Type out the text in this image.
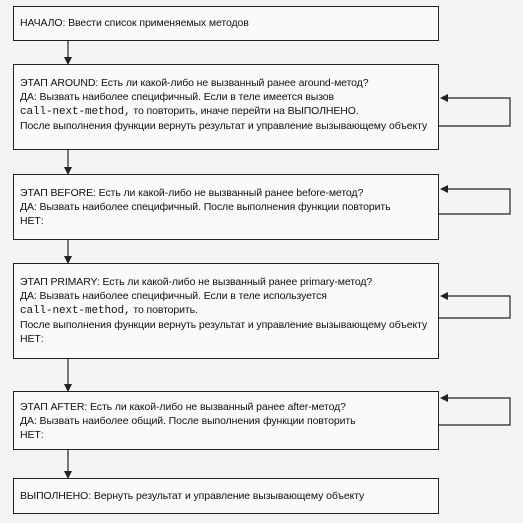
НАЧАЛО: Ввести список применяемых методов
ЭТАП AROUND: Есть ли какой-либо не вызванный ранее around-метод?
ДА: Вызвать наиболее специфичный. Если в теле имеется вызов
call-next-method, то повторить, иначе перейти на ВЫПОЛНЕНО.
После выполнения функции вернуть результат и управление вызывающему объекту
ЭТАП BEFORE: Есть ли какой-либо не вызванный ранее before-метод?
ДА: Вызвать наиболее специфичный. После выполнения функции повторить
НЕТ:
ЭТАП PRIMARY: Есть ли какой-либо не вызванный ранее primary-метод?
ДА: Вызвать наиболее специфичный. Если в теле используется
call-next-method, то повторить.
После выполнения функции вернуть результат и управление вызывающему объекту
НЕТ:
ЭТАП AFTER: Есть ли какой-либо не вызванный ранее after-метод?
ДА: Вызвать наиболее общий. После выполнения функции повторить
НЕТ:
ВЫПОЛНЕНО: Вернуть результат и управление вызывающему объекту
